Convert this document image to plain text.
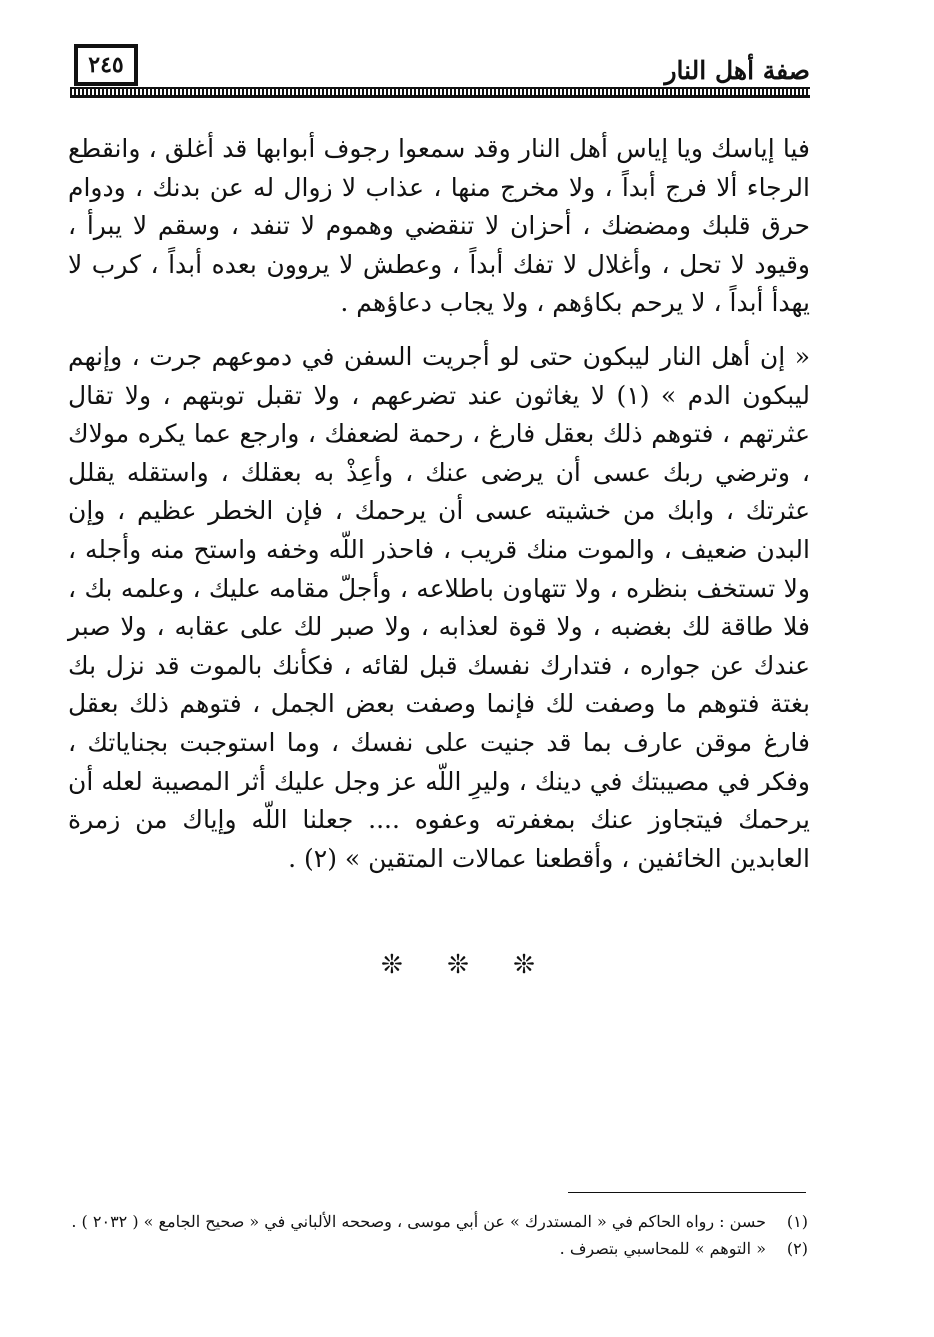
٢٤٥	صفة أهل النار

فيا إياسك ويا إياس أهل النار وقد سمعوا رجوف أبوابها قد أغلق ، وانقطع الرجاء ألا فرج أبداً ، ولا مخرج منها ، عذاب لا زوال له عن بدنك ، ودوام حرق قلبك ومضضك ، أحزان لا تنقضي وهموم لا تنفد ، وسقم لا يبرأ ، وقيود لا تحل ، وأغلال لا تفك أبداً ، وعطش لا يروون بعده أبداً ، كرب لا يهدأ أبداً ، لا يرحم بكاؤهم ، ولا يجاب دعاؤهم .

« إن أهل النار ليبكون حتى لو أجريت السفن في دموعهم جرت ، وإنهم ليبكون الدم » (١) لا يغاثون عند تضرعهم ، ولا تقبل توبتهم ، ولا تقال عثرتهم ، فتوهم ذلك بعقل فارغ ، رحمة لضعفك ، وارجع عما يكره مولاك ، وترضي ربك عسى أن يرضى عنك ، وأعِذْ به بعقلك ، واستقله يقلل عثرتك ، وابك من خشيته عسى أن يرحمك ، فإن الخطر عظيم ، وإن البدن ضعيف ، والموت منك قريب ، فاحذر اللّه وخفه واستح منه وأجله ، ولا تستخف بنظره ، ولا تتهاون باطلاعه ، وأجلّ مقامه عليك ، وعلمه بك ، فلا طاقة لك بغضبه ، ولا قوة لعذابه ، ولا صبر لك على عقابه ، ولا صبر عندك عن جواره ، فتدارك نفسك قبل لقائه ، فكأنك بالموت قد نزل بك بغتة فتوهم ما وصفت لك فإنما وصفت بعض الجمل ، فتوهم ذلك بعقل فارغ موقن عارف بما قد جنيت على نفسك ، وما استوجبت بجناياتك ، وفكر في مصيبتك في دينك ، وليرِ اللّه عز وجل عليك أثر المصيبة لعله أن يرحمك فيتجاوز عنك بمغفرته وعفوه .... جعلنا اللّه وإياك من زمرة العابدين الخائفين ، وأقطعنا عمالات المتقين » (٢) .

❊ ❊ ❊
(١)
حسن : رواه الحاكم في « المستدرك » عن أبي موسى ، وصححه الألباني في « صحيح الجامع » ( ٢٠٣٢ ) .
(٢)
« التوهم » للمحاسبي بتصرف .
